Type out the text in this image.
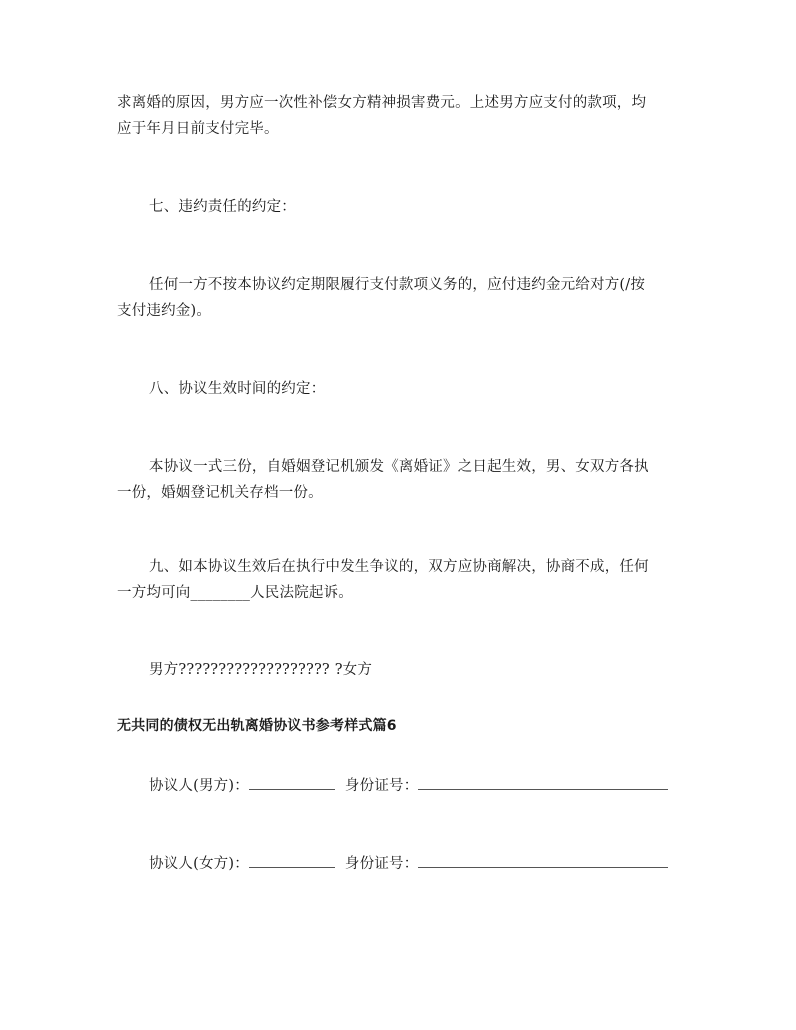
求离婚的原因，男方应一次性补偿女方精神损害费元。上述男方应支付的款项，均
应于年月日前支付完毕。
七、违约责任的约定：
任何一方不按本协议约定期限履行支付款项义务的，应付违约金元给对方(/按
支付违约金)。
八、协议生效时间的约定：
本协议一式三份，自婚姻登记机颁发《离婚证》之日起生效，男、女双方各执
一份，婚姻登记机关存档一份。
九、如本协议生效后在执行中发生争议的，双方应协商解决，协商不成，任何
一方均可向________人民法院起诉。
男方??????????????????? ?女方
无共同的债权无出轨离婚协议书参考样式篇6
协议人(男方)：	身份证号：
协议人(女方)：	身份证号：
